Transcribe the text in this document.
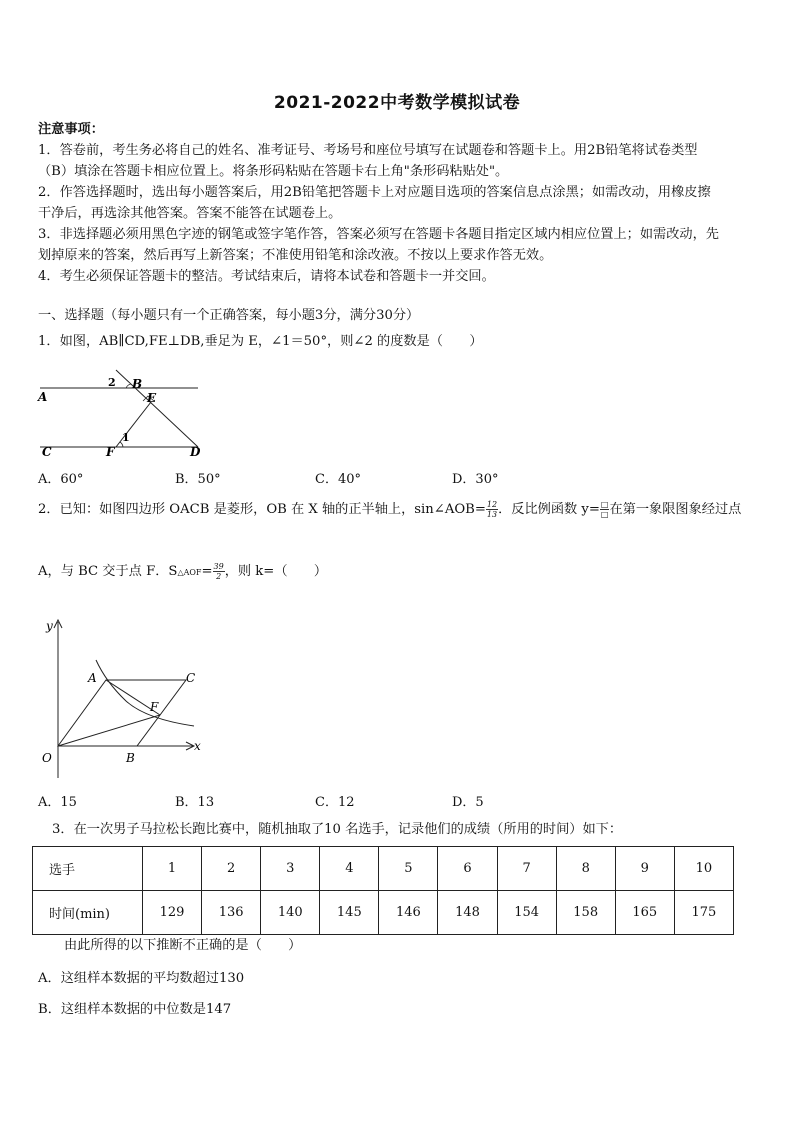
2021-2022中考数学模拟试卷
注意事项：
1．答卷前，考生务必将自己的姓名、准考证号、考场号和座位号填写在试题卷和答题卡上。用2B铅笔将试卷类型
（B）填涂在答题卡相应位置上。将条形码粘贴在答题卡右上角"条形码粘贴处"。
2．作答选择题时，选出每小题答案后，用2B铅笔把答题卡上对应题目选项的答案信息点涂黑；如需改动，用橡皮擦
干净后，再选涂其他答案。答案不能答在试题卷上。
3．非选择题必须用黑色字迹的钢笔或签字笔作答，答案必须写在答题卡各题目指定区域内相应位置上；如需改动，先
划掉原来的答案，然后再写上新答案；不准使用铅笔和涂改液。不按以上要求作答无效。
4．考生必须保证答题卡的整洁。考试结束后，请将本试卷和答题卡一并交回。
一、选择题（每小题只有一个正确答案，每小题3分，满分30分）
1．如图，AB∥CD,FE⊥DB,垂足为 E，∠1＝50°，则∠2 的度数是（　　）
A
B
C	D
E
F
1
2
A．60°	B．50°	C．40°	D．30°
2．已知：如图四边形 OACB 是菱形，OB 在 X 轴的正半轴上，sin∠AOB= $\frac{12}{13}$ ．反比例函数 $y= \frac{□}{□}$ 在第一象限图象经过点
A，与 BC 交于点 F．S△AOF= $\frac{39}{2}$ ，则 k=（　　）
y
x
O
A
B
C
F
A．15	B．13	C．12	D．5
3．在一次男子马拉松长跑比赛中，随机抽取了10 名选手，记录他们的成绩（所用的时间）如下：
选手	1	2	3	4	5	6	7	8	9	10
时间(min)	129	136	140	145	146	148	154	158	165	175
由此所得的以下推断不正确的是（　　）
A．这组样本数据的平均数超过130
B．这组样本数据的中位数是147
